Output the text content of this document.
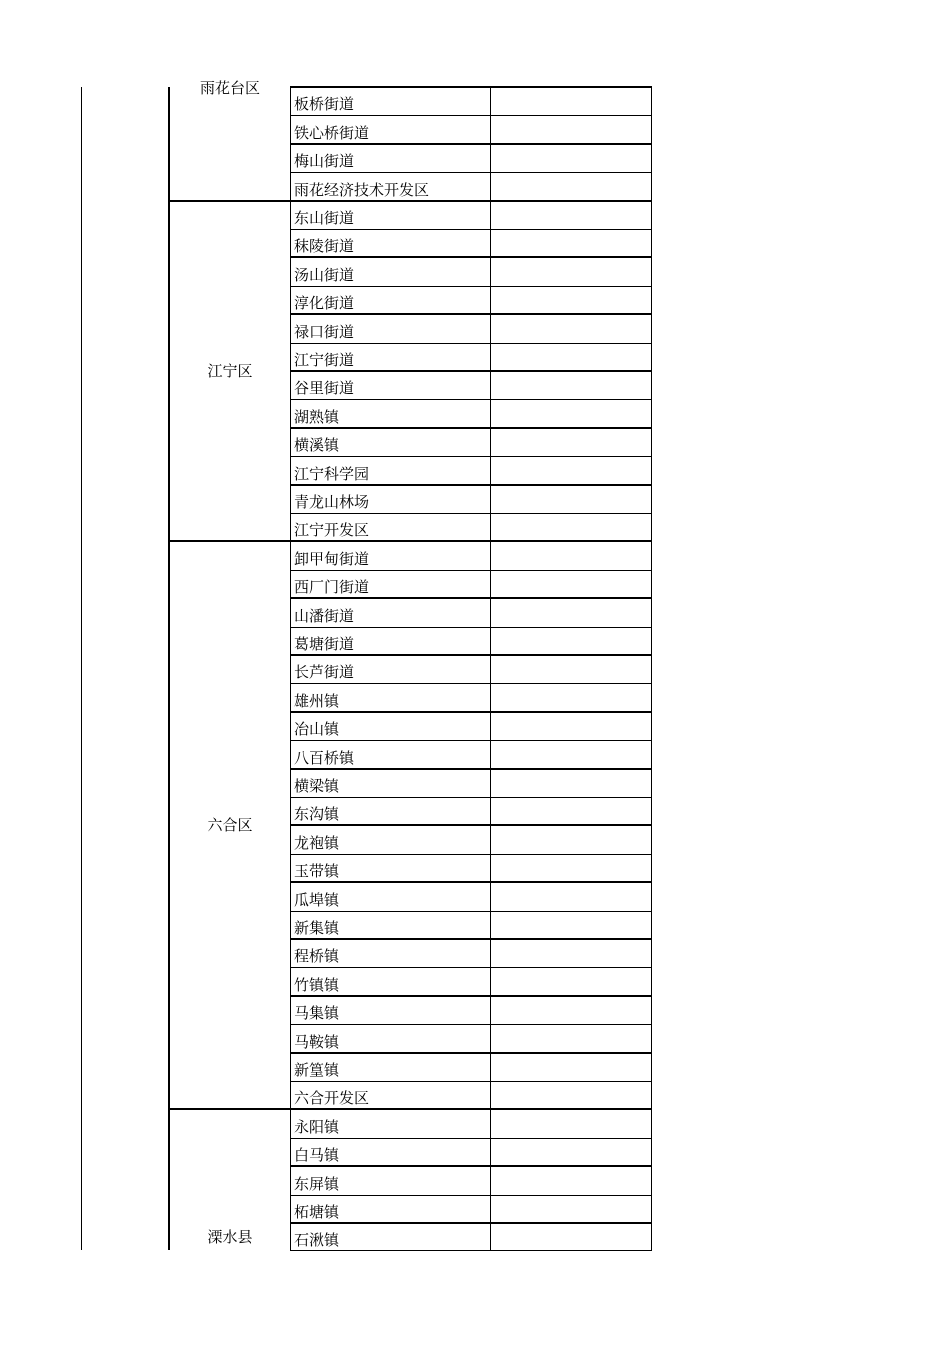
板桥街道
铁心桥街道
梅山街道
雨花经济技术开发区
东山街道
秣陵街道
汤山街道
淳化街道
禄口街道
江宁街道
谷里街道
湖熟镇
横溪镇
江宁科学园
青龙山林场
江宁开发区
卸甲甸街道
西厂门街道
山潘街道
葛塘街道
长芦街道
雄州镇
冶山镇
八百桥镇
横梁镇
东沟镇
龙袍镇
玉带镇
瓜埠镇
新集镇
程桥镇
竹镇镇
马集镇
马鞍镇
新篁镇
六合开发区
永阳镇
白马镇
东屏镇
柘塘镇
石湫镇
雨花台区
江宁区
六合区
溧水县
